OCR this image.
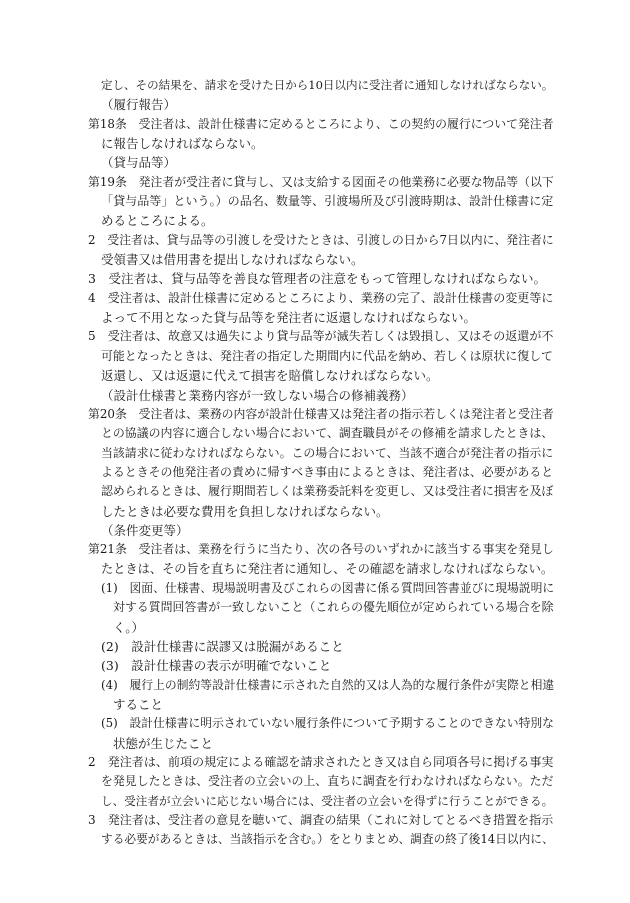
定し、その結果を、請求を受けた日から10日以内に受注者に通知しなければならない。
（履行報告）
第18条　受注者は、設計仕様書に定めるところにより、この契約の履行について発注者
に報告しなければならない。
（貸与品等）
第19条　発注者が受注者に貸与し、又は支給する図面その他業務に必要な物品等（以下
「貸与品等」という。）の品名、数量等、引渡場所及び引渡時期は、設計仕様書に定
めるところによる。
2　受注者は、貸与品等の引渡しを受けたときは、引渡しの日から7日以内に、発注者に
受領書又は借用書を提出しなければならない。
3　受注者は、貸与品等を善良な管理者の注意をもって管理しなければならない。
4　受注者は、設計仕様書に定めるところにより、業務の完了、設計仕様書の変更等に
よって不用となった貸与品等を発注者に返還しなければならない。
5　受注者は、故意又は過失により貸与品等が滅失若しくは毀損し、又はその返還が不
可能となったときは、発注者の指定した期間内に代品を納め、若しくは原状に復して
返還し、又は返還に代えて損害を賠償しなければならない。
（設計仕様書と業務内容が一致しない場合の修補義務）
第20条　受注者は、業務の内容が設計仕様書又は発注者の指示若しくは発注者と受注者
との協議の内容に適合しない場合において、調査職員がその修補を請求したときは、
当該請求に従わなければならない。この場合において、当該不適合が発注者の指示に
よるときその他発注者の責めに帰すべき事由によるときは、発注者は、必要があると
認められるときは、履行期間若しくは業務委託料を変更し、又は受注者に損害を及ぼ
したときは必要な費用を負担しなければならない。
（条件変更等）
第21条　受注者は、業務を行うに当たり、次の各号のいずれかに該当する事実を発見し
たときは、その旨を直ちに発注者に通知し、その確認を請求しなければならない。
(1)　図面、仕様書、現場説明書及びこれらの図書に係る質問回答書並びに現場説明に
対する質問回答書が一致しないこと（これらの優先順位が定められている場合を除
く。）
(2)　設計仕様書に誤謬又は脱漏があること
(3)　設計仕様書の表示が明確でないこと
(4)　履行上の制約等設計仕様書に示された自然的又は人為的な履行条件が実際と相違
すること
(5)　設計仕様書に明示されていない履行条件について予期することのできない特別な
状態が生じたこと
2　発注者は、前項の規定による確認を請求されたとき又は自ら同項各号に掲げる事実
を発見したときは、受注者の立会いの上、直ちに調査を行わなければならない。ただ
し、受注者が立会いに応じない場合には、受注者の立会いを得ずに行うことができる。
3　発注者は、受注者の意見を聴いて、調査の結果（これに対してとるべき措置を指示
する必要があるときは、当該指示を含む。）をとりまとめ、調査の終了後14日以内に、
